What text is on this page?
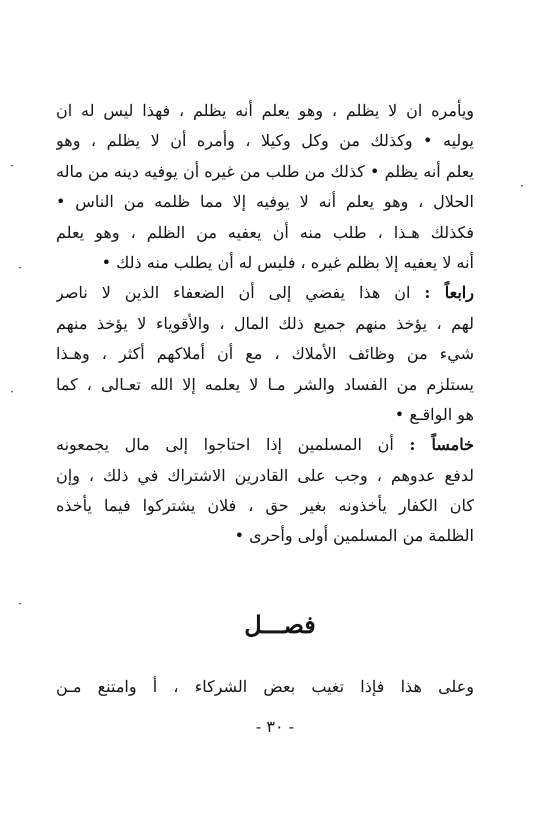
ويأمره ان لا يظلم ، وهو يعلم أنه يظلم ، فهذا ليس له ان
يوليه • وكذلك من وكل وكيلا ، وأمره أن لا يظلم ، وهو
يعلم أنه يظلم • كذلك من طلب من غيره أن يوفيه دينه من ماله
الحلال ، وهو يعلم أنه لا يوفيه إلا مما ظلمه من الناس •
فكذلك هـذا ، طلب منه أن يعفيه من الظلم ، وهو يعلم
أنه لا يعفيه إلا بظلم غيره ، فليس له أن يطلب منه ذلك •
رابعاً : ان هذا يفضي إلى أن الضعفاء الذين لا ناصر
لهم ، يؤخذ منهم جميع ذلك المال ، والأقوياء لا يؤخذ منهم
شيء من وظائف الأملاك ، مع أن أملاكهم أكثر ، وهـذا
يستلزم من الفساد والشر مـا لا يعلمه إلا الله تعـالى ، كما
هو الواقـع •
خامساً : أن المسلمين إذا احتاجوا إلى مال يجمعونه
لدفع عدوهم ، وجب على القادرين الاشتراك في ذلك ، وإن
كان الكفار يأخذونه بغير حق ، فلان يشتركوا فيما يأخذه
الظلمة من المسلمين أولى وأحرى •
فصـــل
وعلى هذا فإذا تغيب بعض الشركاء ، أ وامتنع مـن
- ٣٠ -
·
·
·
·
·
